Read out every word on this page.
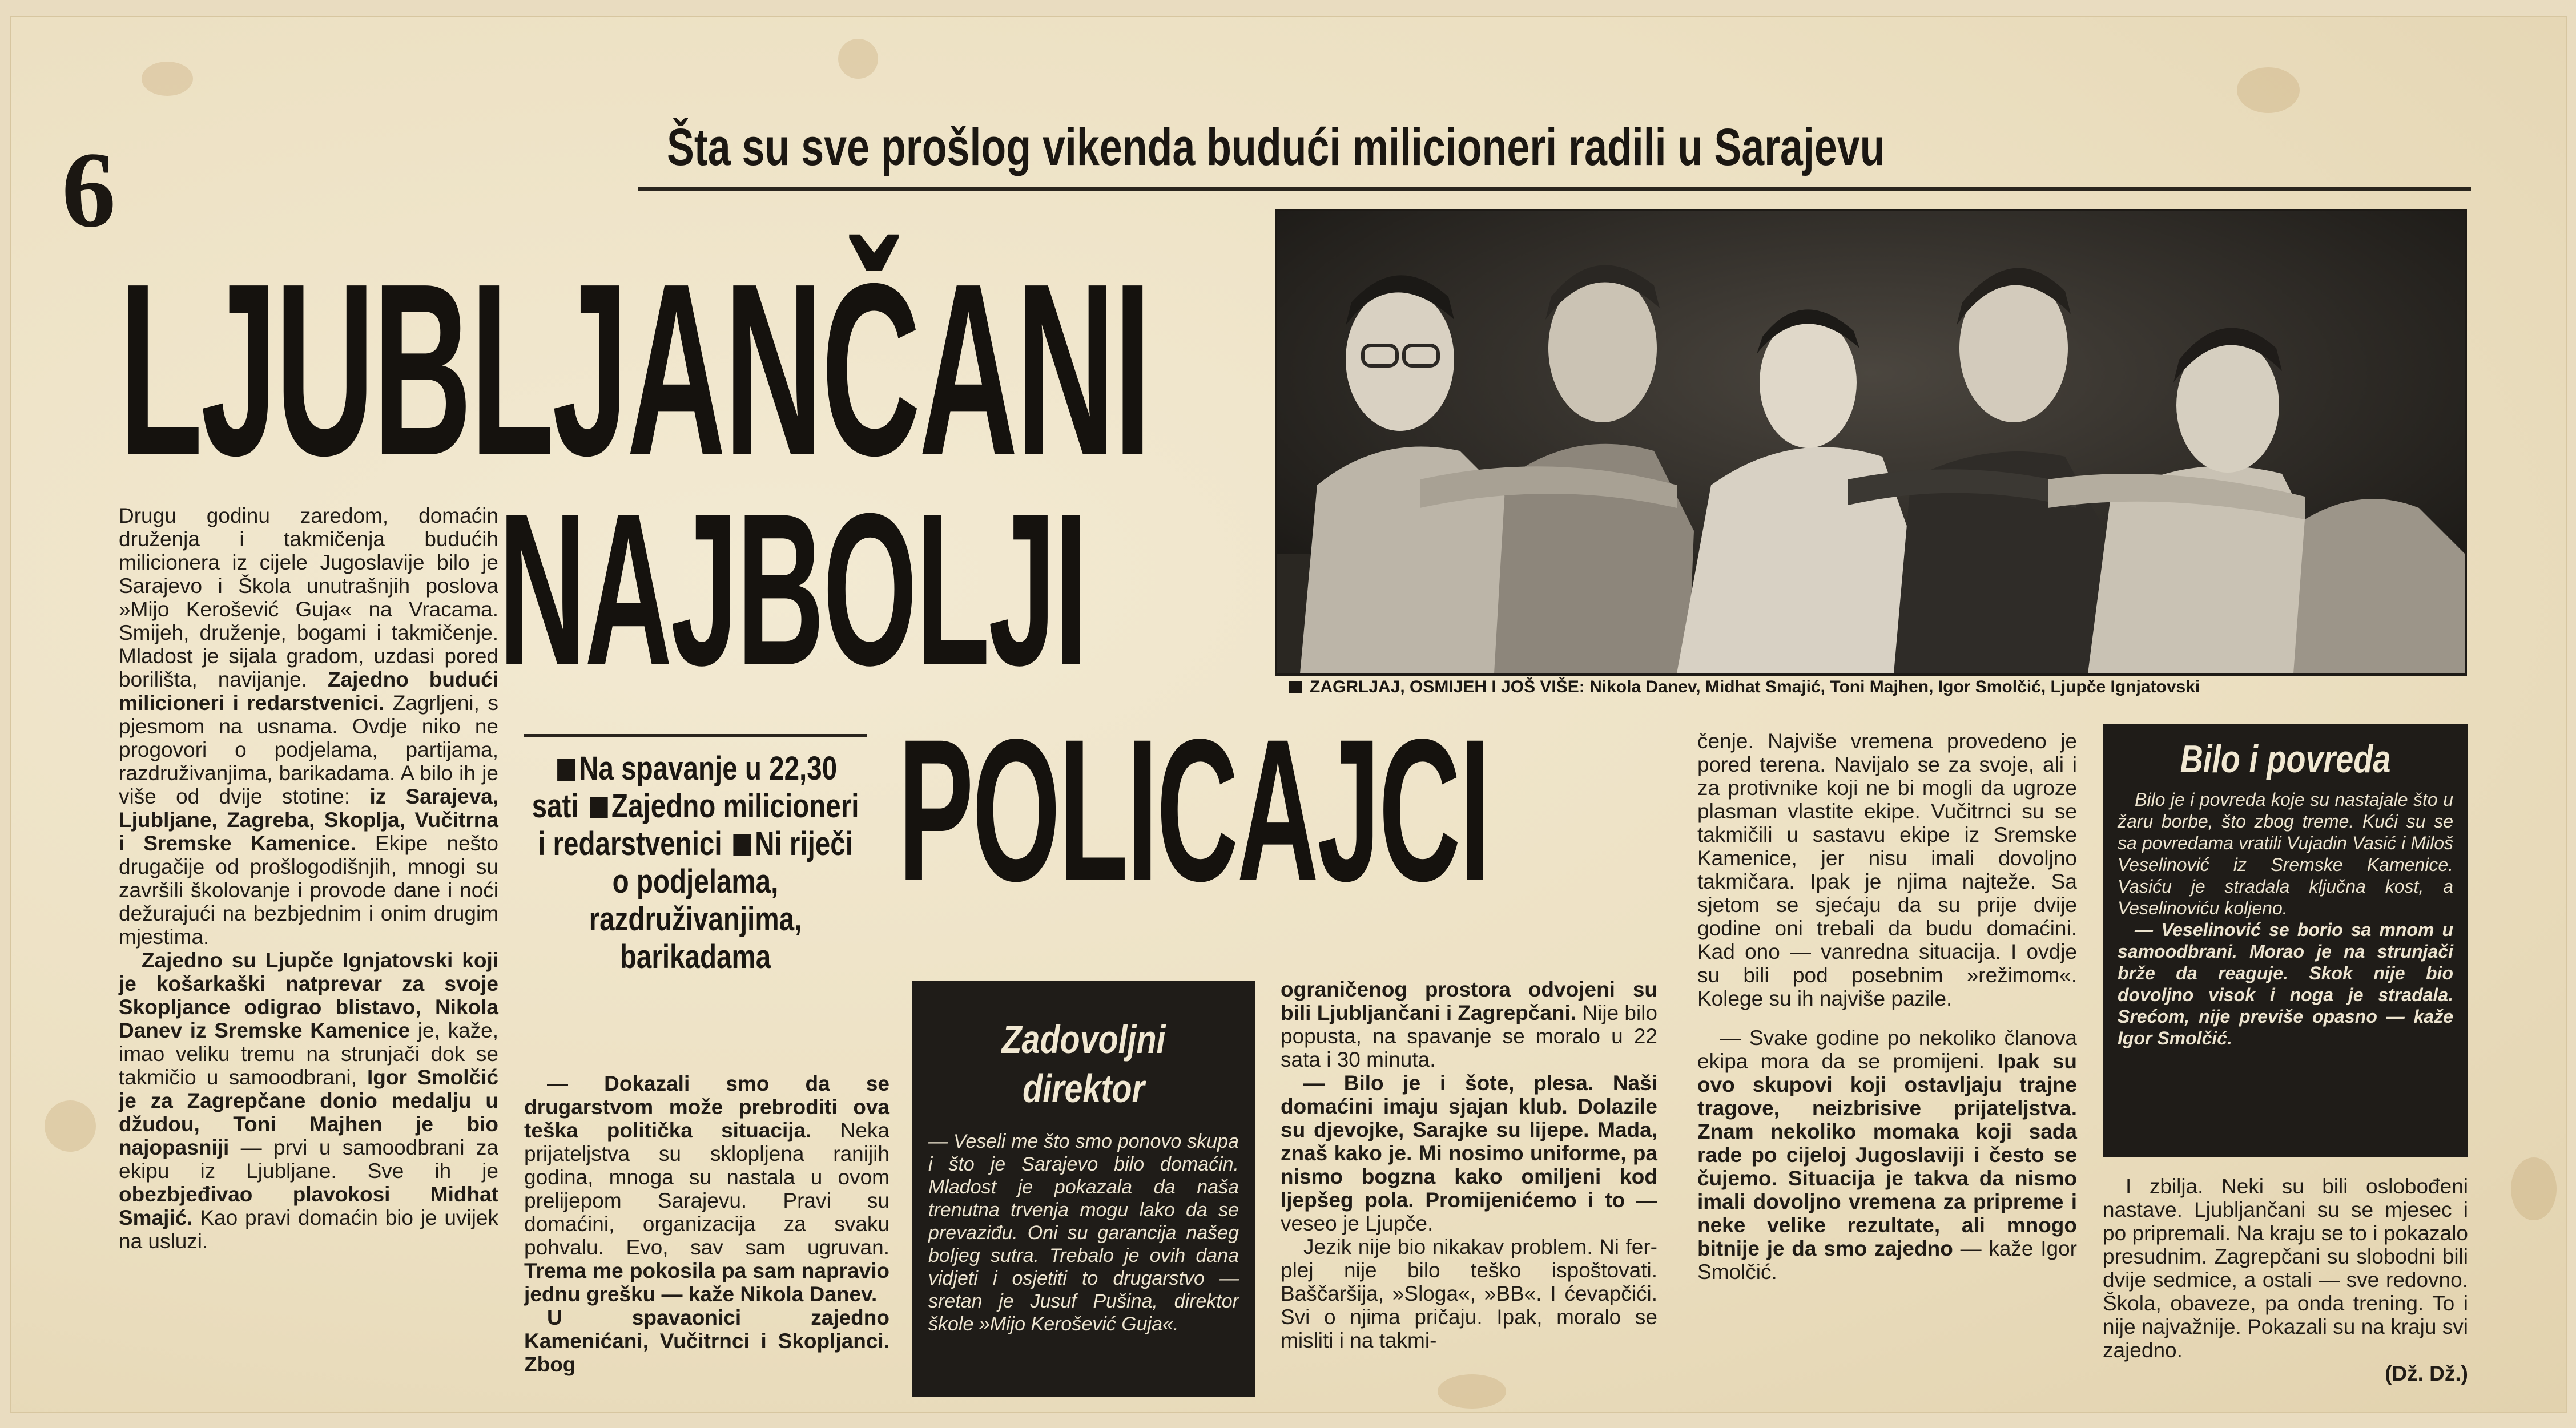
6	Šta su sve prošlog vikenda budući milicioneri radili u Sarajevu
LJUBLJANČANI
NAJBOLJI
POLICAJCI
ZAGRLJAJ, OSMIJEH I JOŠ VIŠE: Nikola Danev, Midhat Smajić, Toni Majhen, Igor Smolčić, Ljupče Ignjatovski

Drugu godinu zaredom, domaćin druženja i takmičenja budućih milicionera iz cijele Jugoslavije bilo je Sarajevo i Škola unutrašnjih poslova »Mijo Kerošević Guja« na Vracama. Smijeh, druženje, bogami i takmičenje. Mladost je sijala gradom, uzdasi pored borilišta, navijanje. Zajedno budući milicioneri i redarstvenici. Zagrljeni, s pjesmom na usnama. Ovdje niko ne progovori o podjelama, partijama, razdruživanjima, barikadama. A bilo ih je više od dvije stotine: iz Sarajeva, Ljubljane, Zagreba, Skoplja, Vučitrna i Sremske Kamenice. Ekipe nešto drugačije od prošlogodišnjih, mnogi su završili školovanje i provode dane i noći dežurajući na bezbjednim i onim drugim mjestima.

Zajedno su Ljupče Ignjatovski koji je košarkaški natprevar za svoje Skopljance odigrao blistavo, Nikola Danev iz Sremske Kamenice je, kaže, imao veliku tremu na strunjači dok se takmičio u samoodbrani, Igor Smolčić je za Zagrepčane donio medalju u džudou, Toni Majhen je bio najopasniji — prvi u samoodbrani za ekipu iz Ljubljane. Sve ih je obezbjeđivao plavokosi Midhat Smajić. Kao pravi domaćin bio je uvijek na usluzi.

Na spavanje u 22,30 sati Zajedno milicioneri i redarstvenici Ni riječi o podjelama, razdruživanjima, barikadama

— Dokazali smo da se drugarstvom može prebroditi ova teška politička situacija. Neka prijateljstva su sklopljena ranijih godina, mnoga su nastala u ovom prelijepom Sarajevu. Pravi su domaćini, organizacija za svaku pohvalu. Evo, sav sam ugruvan. Trema me pokosila pa sam napravio jednu grešku — kaže Nikola Danev.

U spavaonici zajedno Kamenićani, Vučitrnci i Skopljanci. Zbog

Zadovoljni direktor
— Veseli me što smo ponovo skupa i što je Sarajevo bilo domaćin. Mladost je pokazala da naša trenutna trvenja mogu lako da se prevaziđu. Oni su garancija našeg boljeg sutra. Trebalo je ovih dana vidjeti i osjetiti to drugarstvo — sretan je Jusuf Pušina, direktor škole »Mijo Kerošević Guja«.

ograničenog prostora odvojeni su bili Ljubljančani i Zagrepčani. Nije bilo popusta, na spavanje se moralo u 22 sata i 30 minuta.

— Bilo je i šote, plesa. Naši domaćini imaju sjajan klub. Dolazile su djevojke, Sarajke su lijepe. Mada, znaš kako je. Mi nosimo uniforme, pa nismo bogzna kako omiljeni kod ljepšeg pola. Promijenićemo i to — veseo je Ljupče.

Jezik nije bio nikakav problem. Ni fer-plej nije bilo teško ispoštovati. Baščaršija, »Sloga«, »BB«. I ćevapčići. Svi o njima pričaju. Ipak, moralo se misliti i na takmi-

čenje. Najviše vremena provedeno je pored terena. Navijalo se za svoje, ali i za protivnike koji ne bi mogli da ugroze plasman vlastite ekipe. Vučitrnci su se takmičili u sastavu ekipe iz Sremske Kamenice, jer nisu imali dovoljno takmičara. Ipak je njima najteže. Sa sjetom se sjećaju da su prije dvije godine oni trebali da budu domaćini. Kad ono — vanredna situacija. I ovdje su bili pod posebnim »režimom«. Kolege su ih najviše pazile.

— Svake godine po nekoliko članova ekipa mora da se promijeni. Ipak su ovo skupovi koji ostavljaju trajne tragove, neizbrisive prijateljstva. Znam nekoliko momaka koji sada rade po cijeloj Jugoslaviji i često se čujemo. Situacija je takva da nismo imali dovoljno vremena za pripreme i neke velike rezultate, ali mnogo bitnije je da smo zajedno — kaže Igor Smolčić.

Bilo i povreda

Bilo je i povreda koje su nastajale što u žaru borbe, što zbog treme. Kući su se sa povredama vratili Vujadin Vasić i Miloš Veselinović iz Sremske Kamenice. Vasiću je stradala ključna kost, a Veselinoviću koljeno.

— Veselinović se borio sa mnom u samoodbrani. Morao je na strunjači brže da reaguje. Skok nije bio dovoljno visok i noga je stradala. Srećom, nije previše opasno — kaže Igor Smolčić.

I zbilja. Neki su bili oslobođeni nastave. Ljubljančani su se mjesec i po pripremali. Na kraju se to i pokazalo presudnim. Zagrepčani su slobodni bili dvije sedmice, a ostali — sve redovno. Škola, obaveze, pa onda trening. To i nije najvažnije. Pokazali su na kraju svi zajedno.

(Dž. Dž.)
